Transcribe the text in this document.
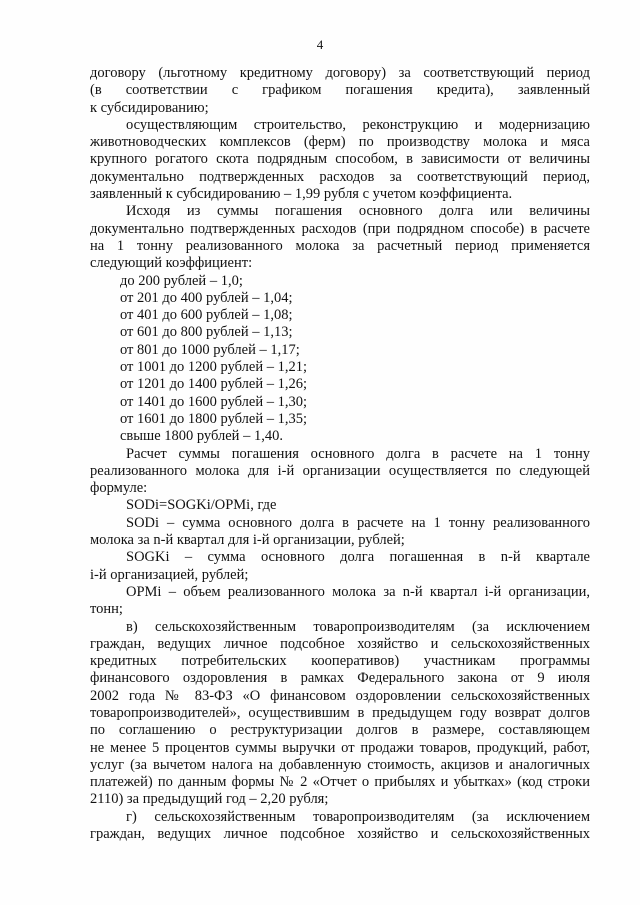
4
договору (льготному кредитному договору) за соответствующий период
(в соответствии с графиком погашения кредита), заявленный
к субсидированию;
осуществляющим строительство, реконструкцию и модернизацию
животноводческих комплексов (ферм) по производству молока и мяса
крупного рогатого скота подрядным способом, в зависимости от величины
документально подтвержденных расходов за соответствующий период,
заявленный к субсидированию – 1,99 рубля с учетом коэффициента.
Исходя из суммы погашения основного долга или величины
документально подтвержденных расходов (при подрядном способе) в расчете
на 1 тонну реализованного молока за расчетный период применяется
следующий коэффициент:
до 200 рублей – 1,0;
от 201 до 400 рублей – 1,04;
от 401 до 600 рублей – 1,08;
от 601 до 800 рублей – 1,13;
от 801 до 1000 рублей – 1,17;
от 1001 до 1200 рублей – 1,21;
от 1201 до 1400 рублей – 1,26;
от 1401 до 1600 рублей – 1,30;
от 1601 до 1800 рублей – 1,35;
свыше 1800 рублей – 1,40.
Расчет суммы погашения основного долга в расчете на 1 тонну
реализованного молока для i-й организации осуществляется по следующей
формуле:
SODi=SOGKi/OPMi, где
SODi – сумма основного долга в расчете на 1 тонну реализованного
молока за n-й квартал для i-й организации, рублей;
SOGKi – сумма основного долга погашенная в n-й квартале
i-й организацией, рублей;
OPMi – объем реализованного молока за n-й квартал i-й организации,
тонн;
в) сельскохозяйственным товаропроизводителям (за исключением
граждан, ведущих личное подсобное хозяйство и сельскохозяйственных
кредитных потребительских кооперативов) участникам программы
финансового оздоровления в рамках Федерального закона от 9 июля
2002 года № 83-ФЗ «О финансовом оздоровлении сельскохозяйственных
товаропроизводителей», осуществившим в предыдущем году возврат долгов
по соглашению о реструктуризации долгов в размере, составляющем
не менее 5 процентов суммы выручки от продажи товаров, продукций, работ,
услуг (за вычетом налога на добавленную стоимость, акцизов и аналогичных
платежей) по данным формы № 2 «Отчет о прибылях и убытках» (код строки
2110) за предыдущий год – 2,20 рубля;
г) сельскохозяйственным товаропроизводителям (за исключением
граждан, ведущих личное подсобное хозяйство и сельскохозяйственных
